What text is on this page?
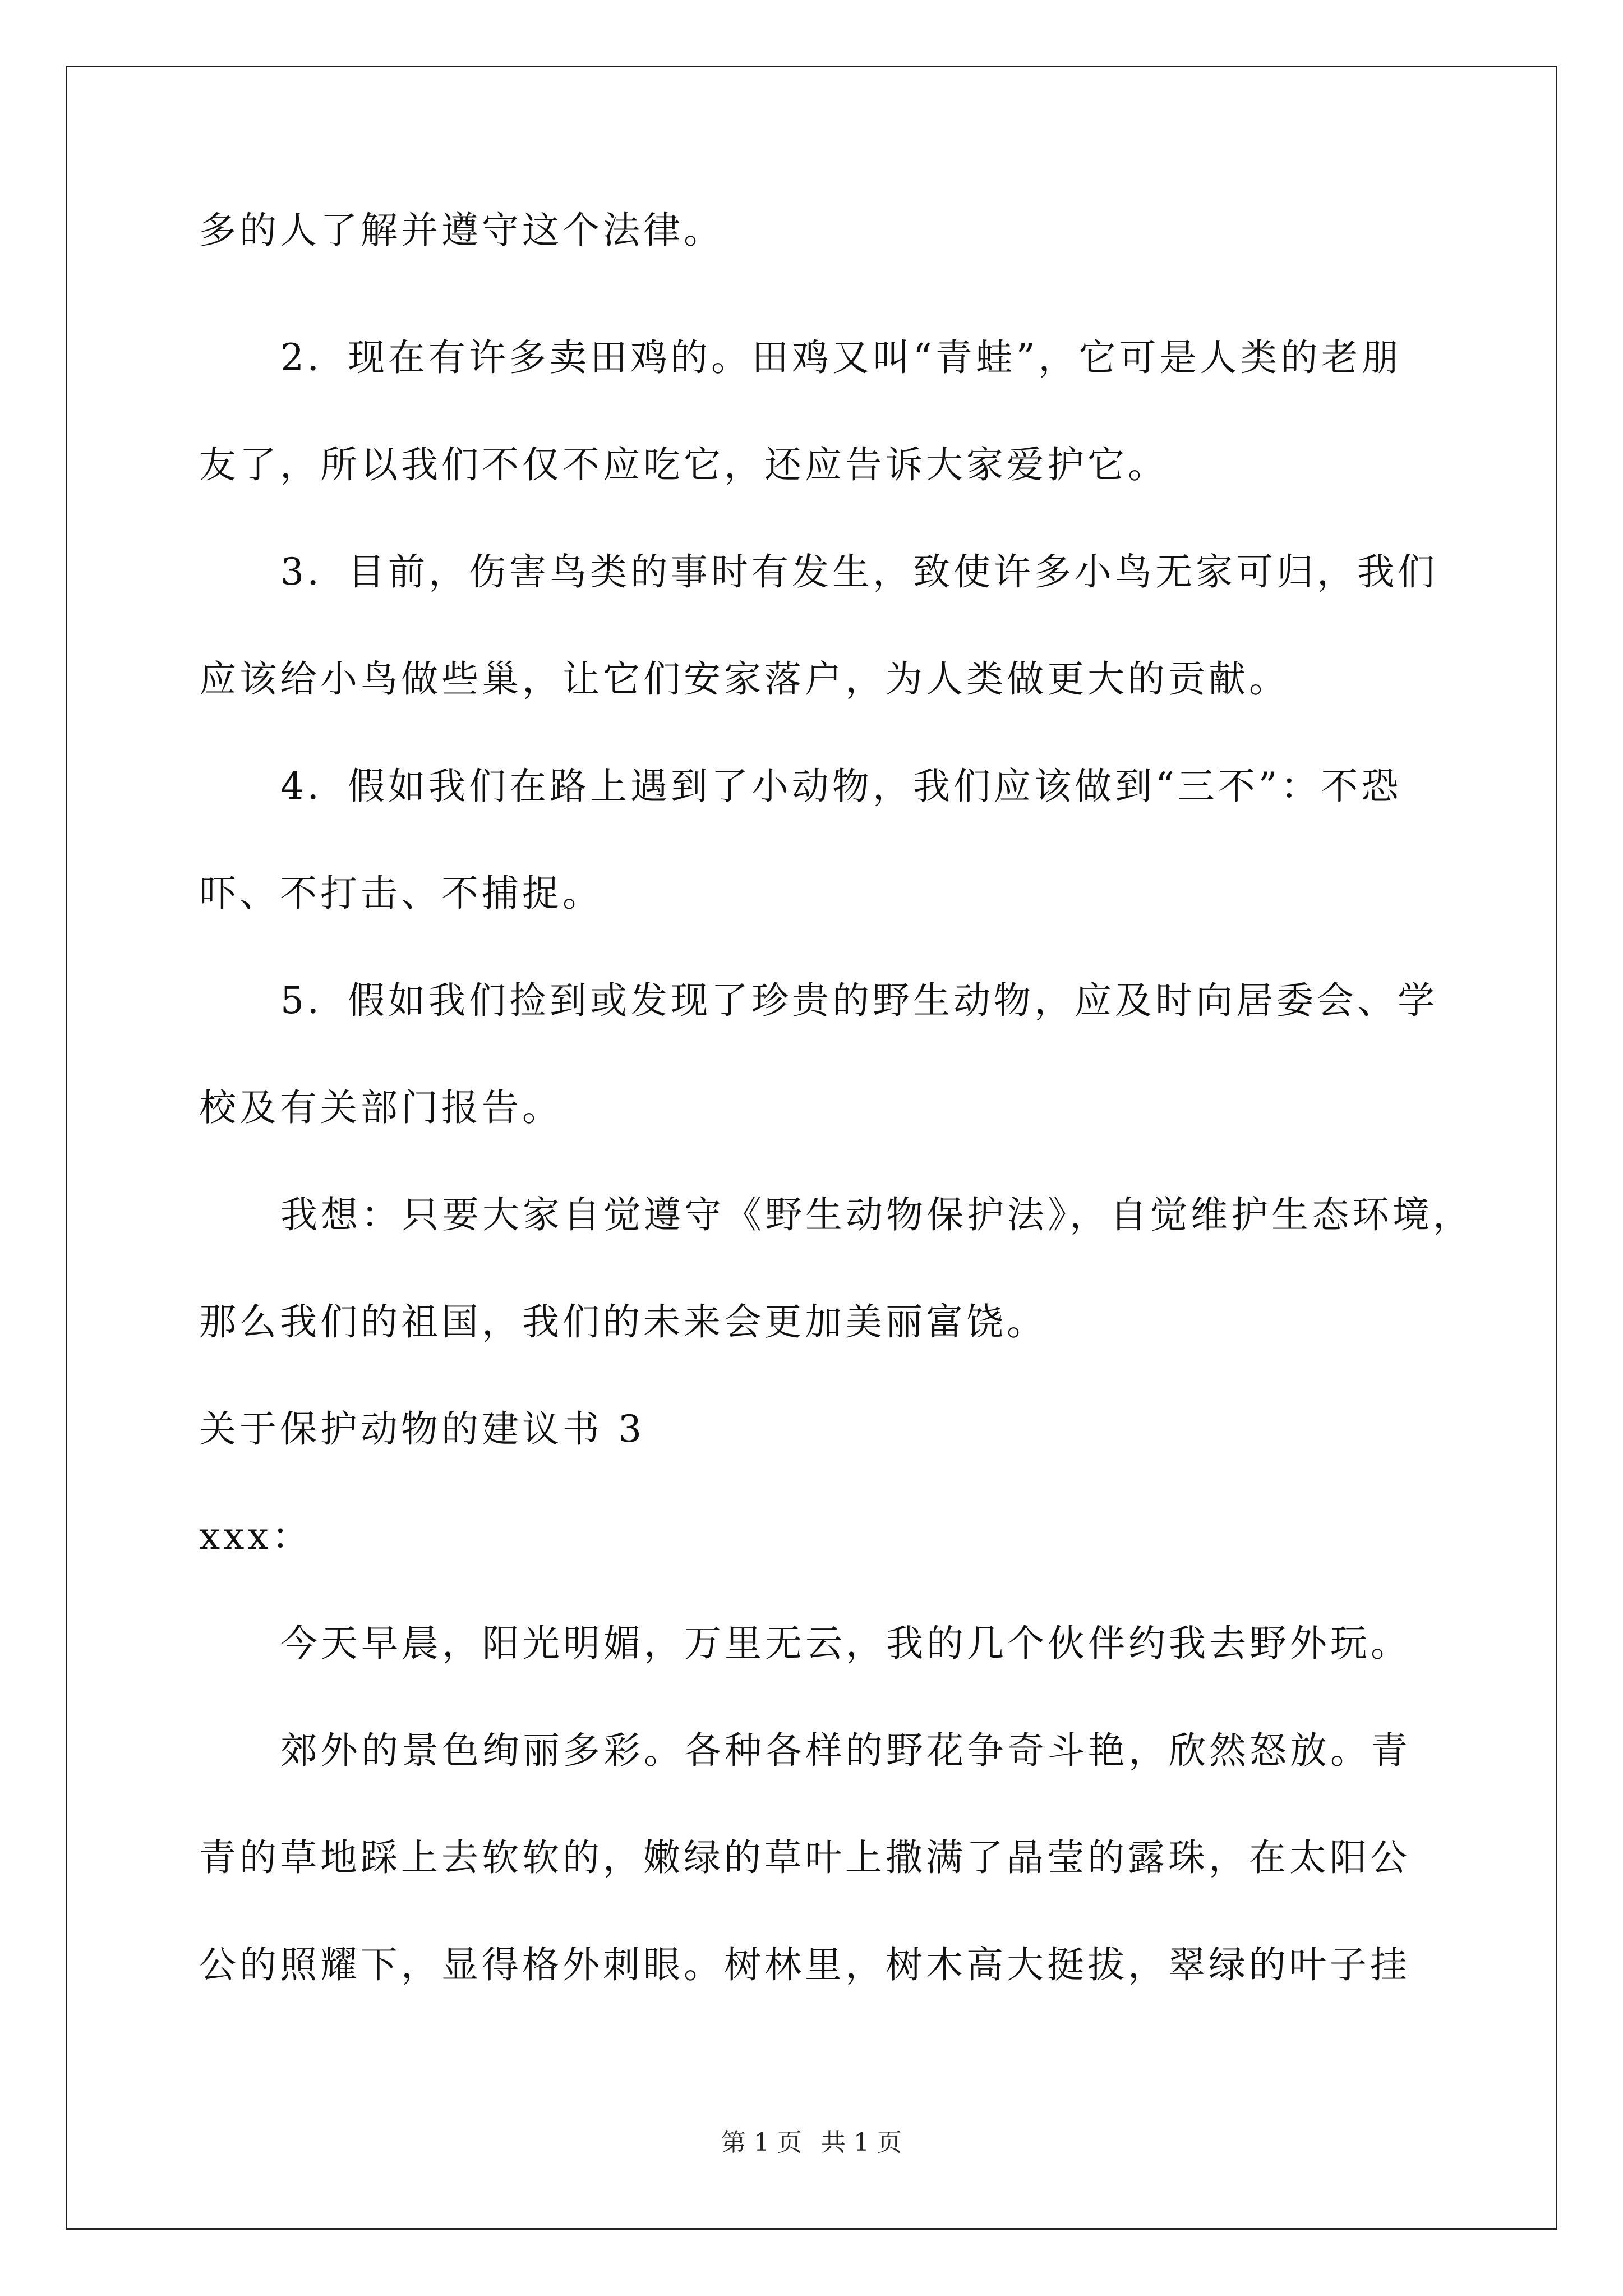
多的人了解并遵守这个法律。
2．现在有许多卖田鸡的。田鸡又叫“青蛙”，它可是人类的老朋
友了，所以我们不仅不应吃它，还应告诉大家爱护它。
3．目前，伤害鸟类的事时有发生，致使许多小鸟无家可归，我们
应该给小鸟做些巢，让它们安家落户，为人类做更大的贡献。
4．假如我们在路上遇到了小动物，我们应该做到“三不”：不恐
吓、不打击、不捕捉。
5．假如我们捡到或发现了珍贵的野生动物，应及时向居委会、学
校及有关部门报告。
我想：只要大家自觉遵守《野生动物保护法》，自觉维护生态环境，
那么我们的祖国，我们的未来会更加美丽富饶。
关于保护动物的建议书 3
xxx：
今天早晨，阳光明媚，万里无云，我的几个伙伴约我去野外玩。
郊外的景色绚丽多彩。各种各样的野花争奇斗艳，欣然怒放。青
青的草地踩上去软软的，嫩绿的草叶上撒满了晶莹的露珠，在太阳公
公的照耀下，显得格外刺眼。树林里，树木高大挺拔，翠绿的叶子挂
第 1 页 共 1 页
